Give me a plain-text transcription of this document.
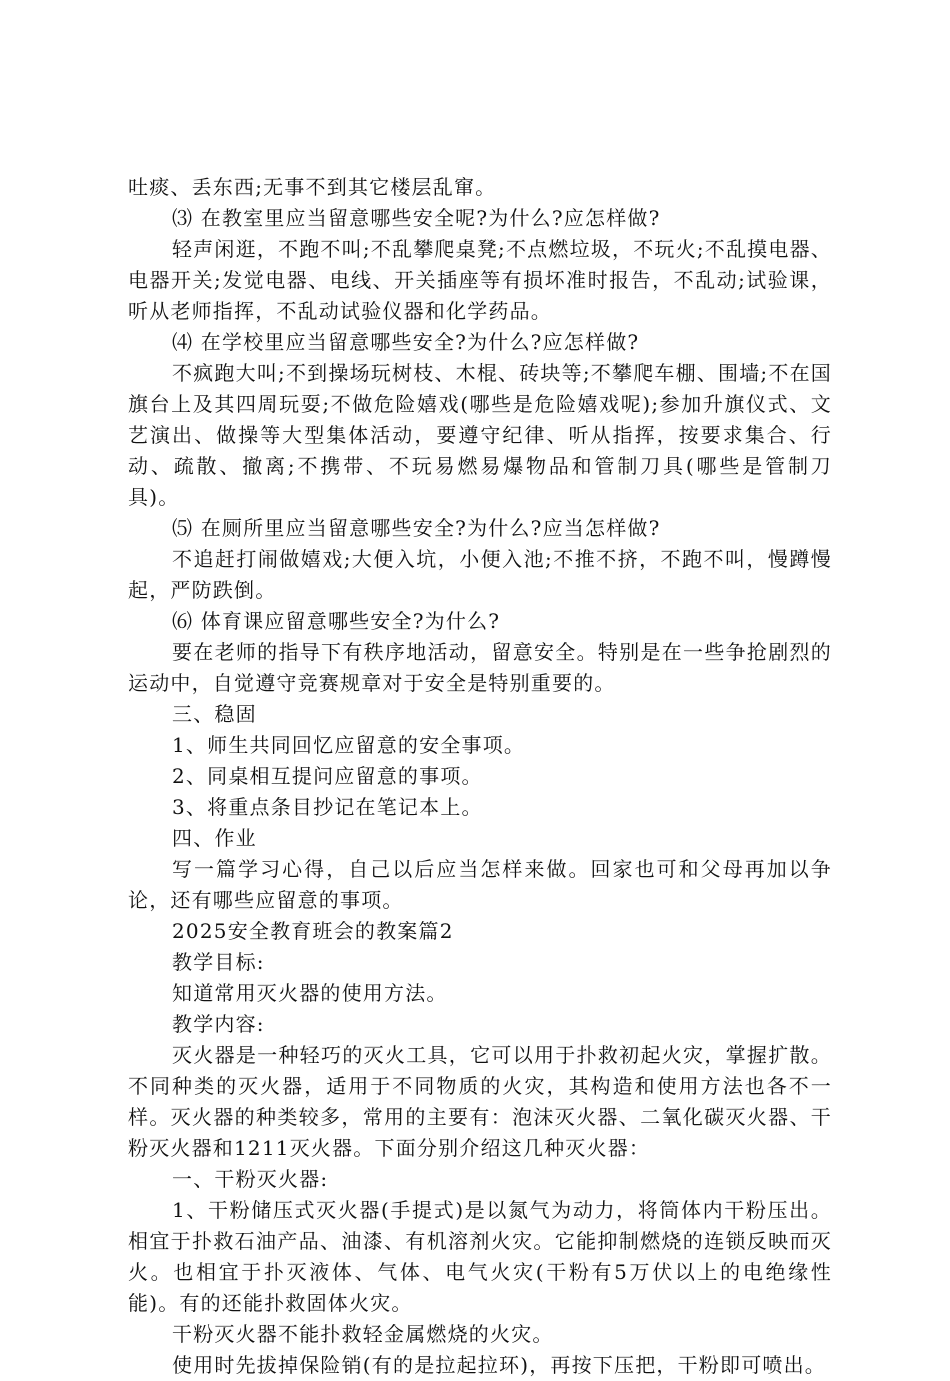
吐痰、丢东西;无事不到其它楼层乱窜。

⑶ 在教室里应当留意哪些安全呢?为什么?应怎样做?

轻声闲逛，不跑不叫;不乱攀爬桌凳;不点燃垃圾，不玩火;不乱摸电器、电器开关;发觉电器、电线、开关插座等有损坏准时报告，不乱动;试验课，听从老师指挥，不乱动试验仪器和化学药品。

⑷ 在学校里应当留意哪些安全?为什么?应怎样做?

不疯跑大叫;不到操场玩树枝、木棍、砖块等;不攀爬车棚、围墙;不在国旗台上及其四周玩耍;不做危险嬉戏(哪些是危险嬉戏呢);参加升旗仪式、文艺演出、做操等大型集体活动，要遵守纪律、听从指挥，按要求集合、行动、疏散、撤离;不携带、不玩易燃易爆物品和管制刀具(哪些是管制刀具)。

⑸ 在厕所里应当留意哪些安全?为什么?应当怎样做?

不追赶打闹做嬉戏;大便入坑，小便入池;不推不挤，不跑不叫，慢蹲慢起，严防跌倒。

⑹ 体育课应留意哪些安全?为什么?

要在老师的指导下有秩序地活动，留意安全。特别是在一些争抢剧烈的运动中，自觉遵守竞赛规章对于安全是特别重要的。

三、稳固

1、师生共同回忆应留意的安全事项。

2、同桌相互提问应留意的事项。

3、将重点条目抄记在笔记本上。

四、作业

写一篇学习心得，自己以后应当怎样来做。回家也可和父母再加以争论，还有哪些应留意的事项。

2025安全教育班会的教案篇2

教学目标:

知道常用灭火器的使用方法。

教学内容:

灭火器是一种轻巧的灭火工具，它可以用于扑救初起火灾，掌握扩散。不同种类的灭火器，适用于不同物质的火灾，其构造和使用方法也各不一样。灭火器的种类较多，常用的主要有：泡沫灭火器、二氧化碳灭火器、干粉灭火器和1211灭火器。下面分别介绍这几种灭火器：

一、干粉灭火器:

1、干粉储压式灭火器(手提式)是以氮气为动力，将筒体内干粉压出。相宜于扑救石油产品、油漆、有机溶剂火灾。它能抑制燃烧的连锁反映而灭火。也相宜于扑灭液体、气体、电气火灾(干粉有5万伏以上的电绝缘性能)。有的还能扑救固体火灾。

干粉灭火器不能扑救轻金属燃烧的火灾。

使用时先拔掉保险销(有的是拉起拉环)，再按下压把，干粉即可喷出。
